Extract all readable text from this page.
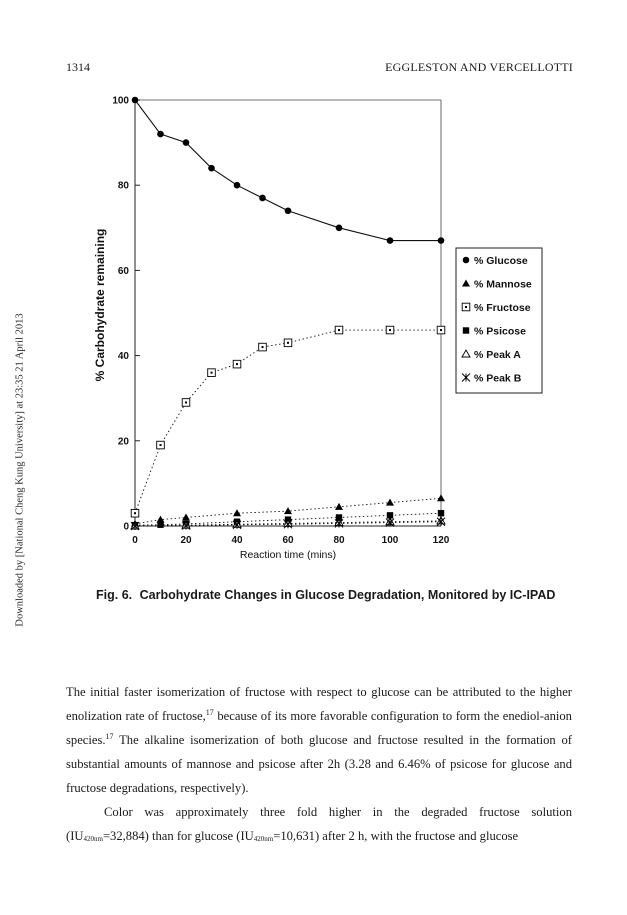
1314	EGGLESTON AND VERCELLOTTI
Downloaded by [National Cheng Kung University] at 23:35 21 April 2013	0
20
40
60
80
100
0	20	40	60	80	100	120
Reaction time (mins)
% Carbohydrate remaining	% Glucose
% Mannose
% Fructose
% Psicose
% Peak A
% Peak B
Fig. 6. Carbohydrate Changes in Glucose Degradation, Monitored by IC-IPAD

The initial faster isomerization of fructose with respect to glucose can be attributed to the higher enolization rate of fructose,$^{17}$ because of its more favorable configuration to form the enediol-anion species.$^{17}$ The alkaline isomerization of both glucose and fructose resulted in the formation of substantial amounts of mannose and psicose after 2h (3.28 and 6.46% of psicose for glucose and fructose degradations, respectively).

Color was approximately three fold higher in the degraded fructose solution $(IU_{420nm}=32,884)$ than for glucose $(IU_{420nm}=10,631)$ after 2 h, with the fructose and glucose
